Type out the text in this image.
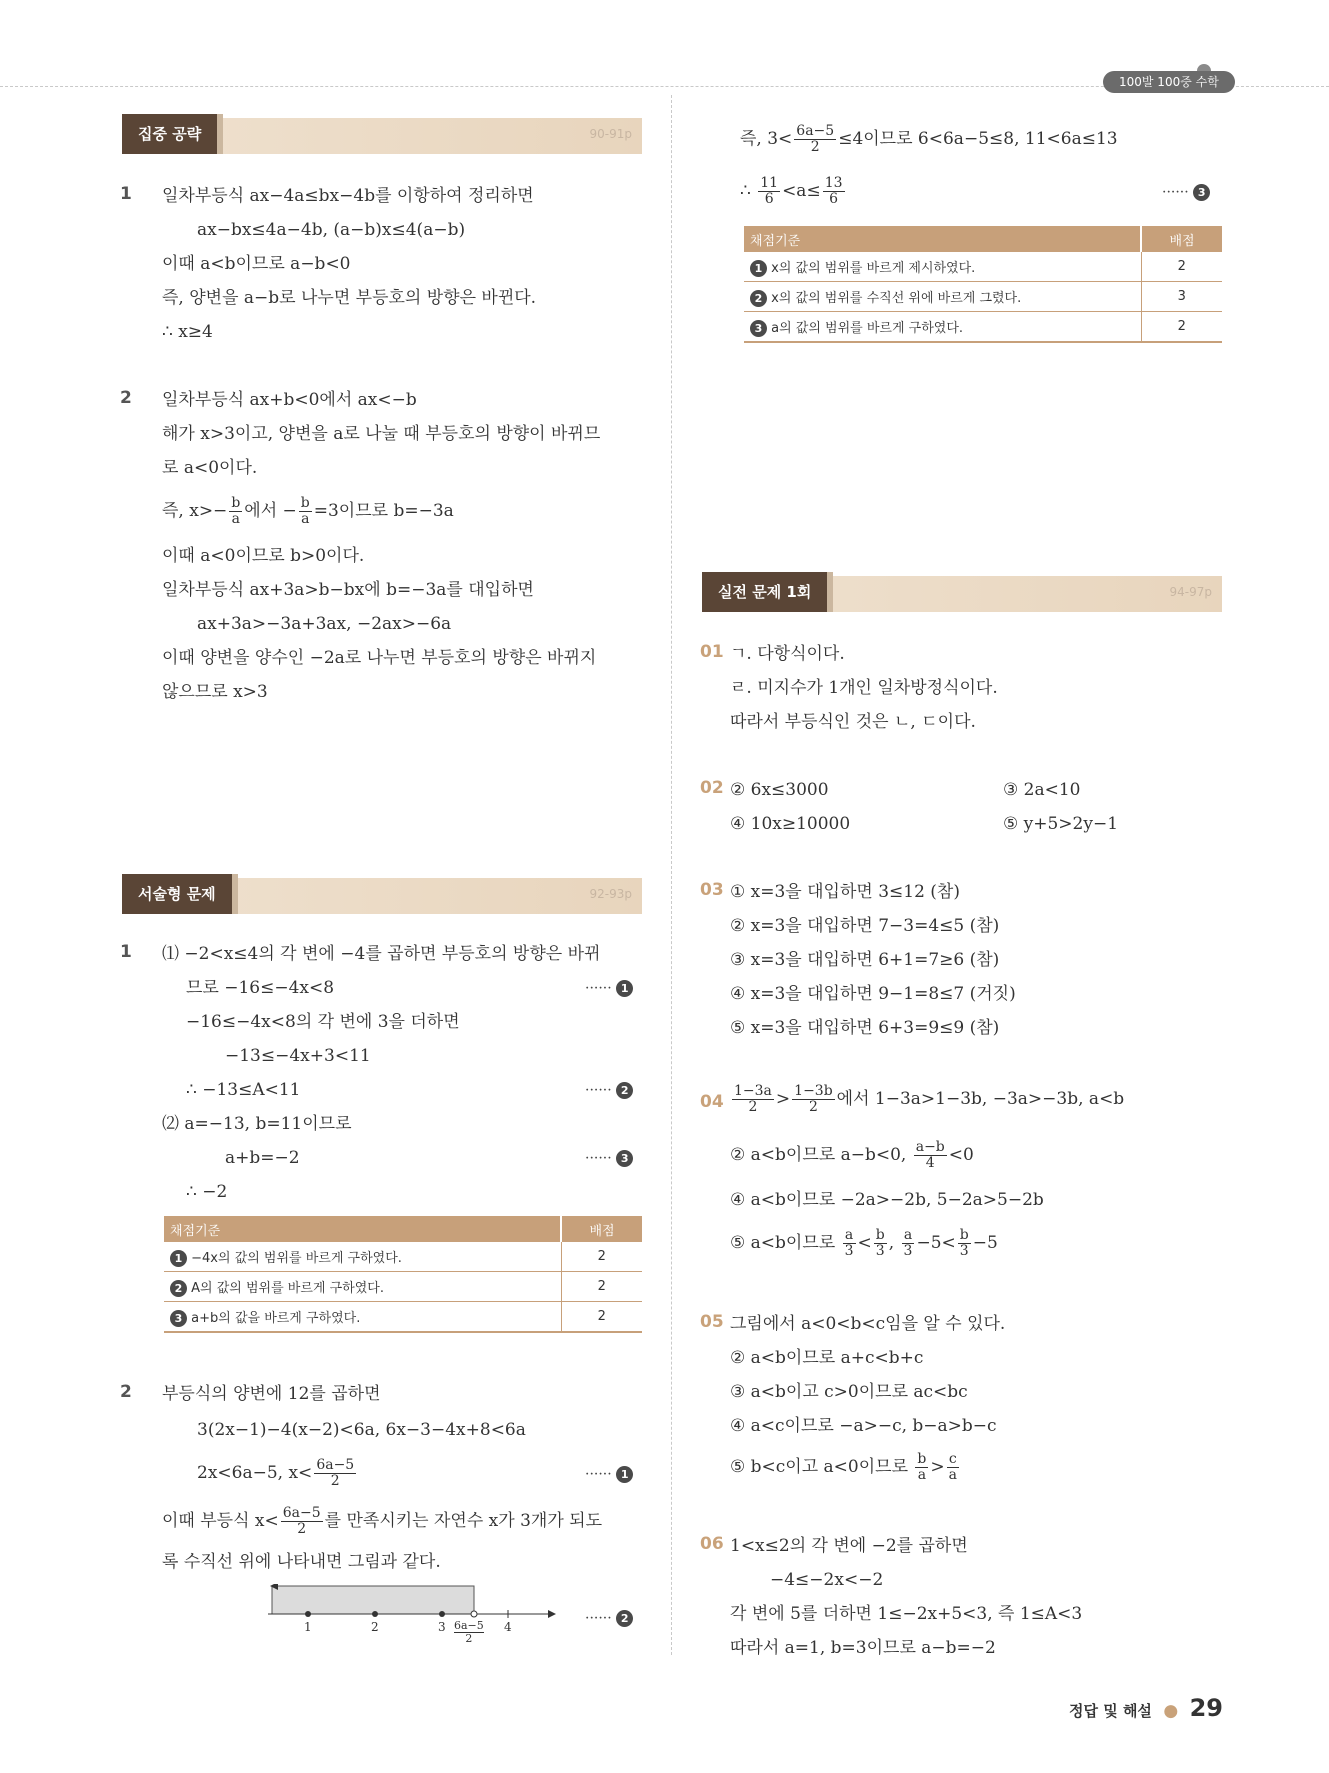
100발 100중 수학
집중 공략	90-91p
1 일차부등식 ax−4a≤bx−4b를 이항하여 정리하면
ax−bx≤4a−4b, (a−b)x≤4(a−b)
이때 a<b이므로 a−b<0
즉, 양변을 a−b로 나누면 부등호의 방향은 바뀐다.
∴ x≥4
2 일차부등식 ax+b<0에서 ax<−b
해가 x>3이고, 양변을 a로 나눌 때 부등호의 방향이 바뀌므
로 a<0이다.
즉, $x>- \frac{b}{a}$ 에서 − $\frac{b}{a} =3$이므로 b=−3a
이때 a<0이므로 b>0이다.
일차부등식 ax+3a>b−bx에 b=−3a를 대입하면
ax+3a>−3a+3ax, −2ax>−6a
이때 양변을 양수인 −2a로 나누면 부등호의 방향은 바뀌지
않으므로 x>3
서술형 문제	92-93p
1 ⑴ −2<x≤4의 각 변에 −4를 곱하면 부등호의 방향은 바뀌
므로 −16≤−4x<8	······ 1
−16≤−4x<8의 각 변에 3을 더하면
−13≤−4x+3<11
∴ −13≤A<11	······ 2
⑵ a=−13, b=11이므로
a+b=−2	······ 3
∴ −2
채점기준	배점
1 −4x의 값의 범위를 바르게 구하였다.	2
2 A의 값의 범위를 바르게 구하였다.	2
3 a+b의 값을 바르게 구하였다.	2
2 부등식의 양변에 12를 곱하면
3(2x−1)−4(x−2)<6a, 6x−3−4x+8<6a
2x<6a−5, $x< \frac{6a-5}{2}$	······ 1
이때 부등식 $x< \frac{6a-5}{2}$ 를 만족시키는 자연수 x가 3개가 되도
록 수직선 위에 나타내면 그림과 같다.
1	2	3	4
$\frac{6a-5}{2}$
······ 2
즉, $3< \frac{6a-5}{2} \le 4$이므로 6<6a−5≤8, 11<6a≤13
∴ $\frac{11}{6} <a\le \frac{13}{6}$	······ 3
채점기준	배점
1 x의 값의 범위를 바르게 제시하였다.	2
2 x의 값의 범위를 수직선 위에 바르게 그렸다.	3
3 a의 값의 범위를 바르게 구하였다.	2
실전 문제 1회	94-97p
01 ㄱ. 다항식이다.
ㄹ. 미지수가 1개인 일차방정식이다.
따라서 부등식인 것은 ㄴ, ㄷ이다.
02 ② 6x≤3000	③ 2a<10
④ 10x≥10000	⑤ y+5>2y−1
03 ① x=3을 대입하면 3≤12 (참)
② x=3을 대입하면 7−3=4≤5 (참)
③ x=3을 대입하면 6+1=7≥6 (참)
④ x=3을 대입하면 9−1=8≤7 (거짓)
⑤ x=3을 대입하면 6+3=9≤9 (참)
$04 \frac{1-3a}{2} > \frac{1-3b}{2}$ 에서 1−3a>1−3b, −3a>−3b, a<b
② a<b이므로 a−b<0, $\frac{a-b}{4} <0$
④ a<b이므로 −2a>−2b, 5−2a>5−2b
⑤ a<b이므로 $\frac{a}{3} < \frac{b}{3}$ , $\frac{a}{3} -5< \frac{b}{3} -5$
05 그림에서 a<0<b<c임을 알 수 있다.
② a<b이므로 a+c<b+c
③ a<b이고 c>0이므로 ac<bc
④ a<c이므로 −a>−c, b−a>b−c
⑤ b<c이고 a<0이므로 $\frac{b}{a} > \frac{c}{a}$
06 1<x≤2의 각 변에 −2를 곱하면
−4≤−2x<−2
각 변에 5를 더하면 1≤−2x+5<3, 즉 1≤A<3
따라서 a=1, b=3이므로 a−b=−2
정답 및 해설 ● 29
